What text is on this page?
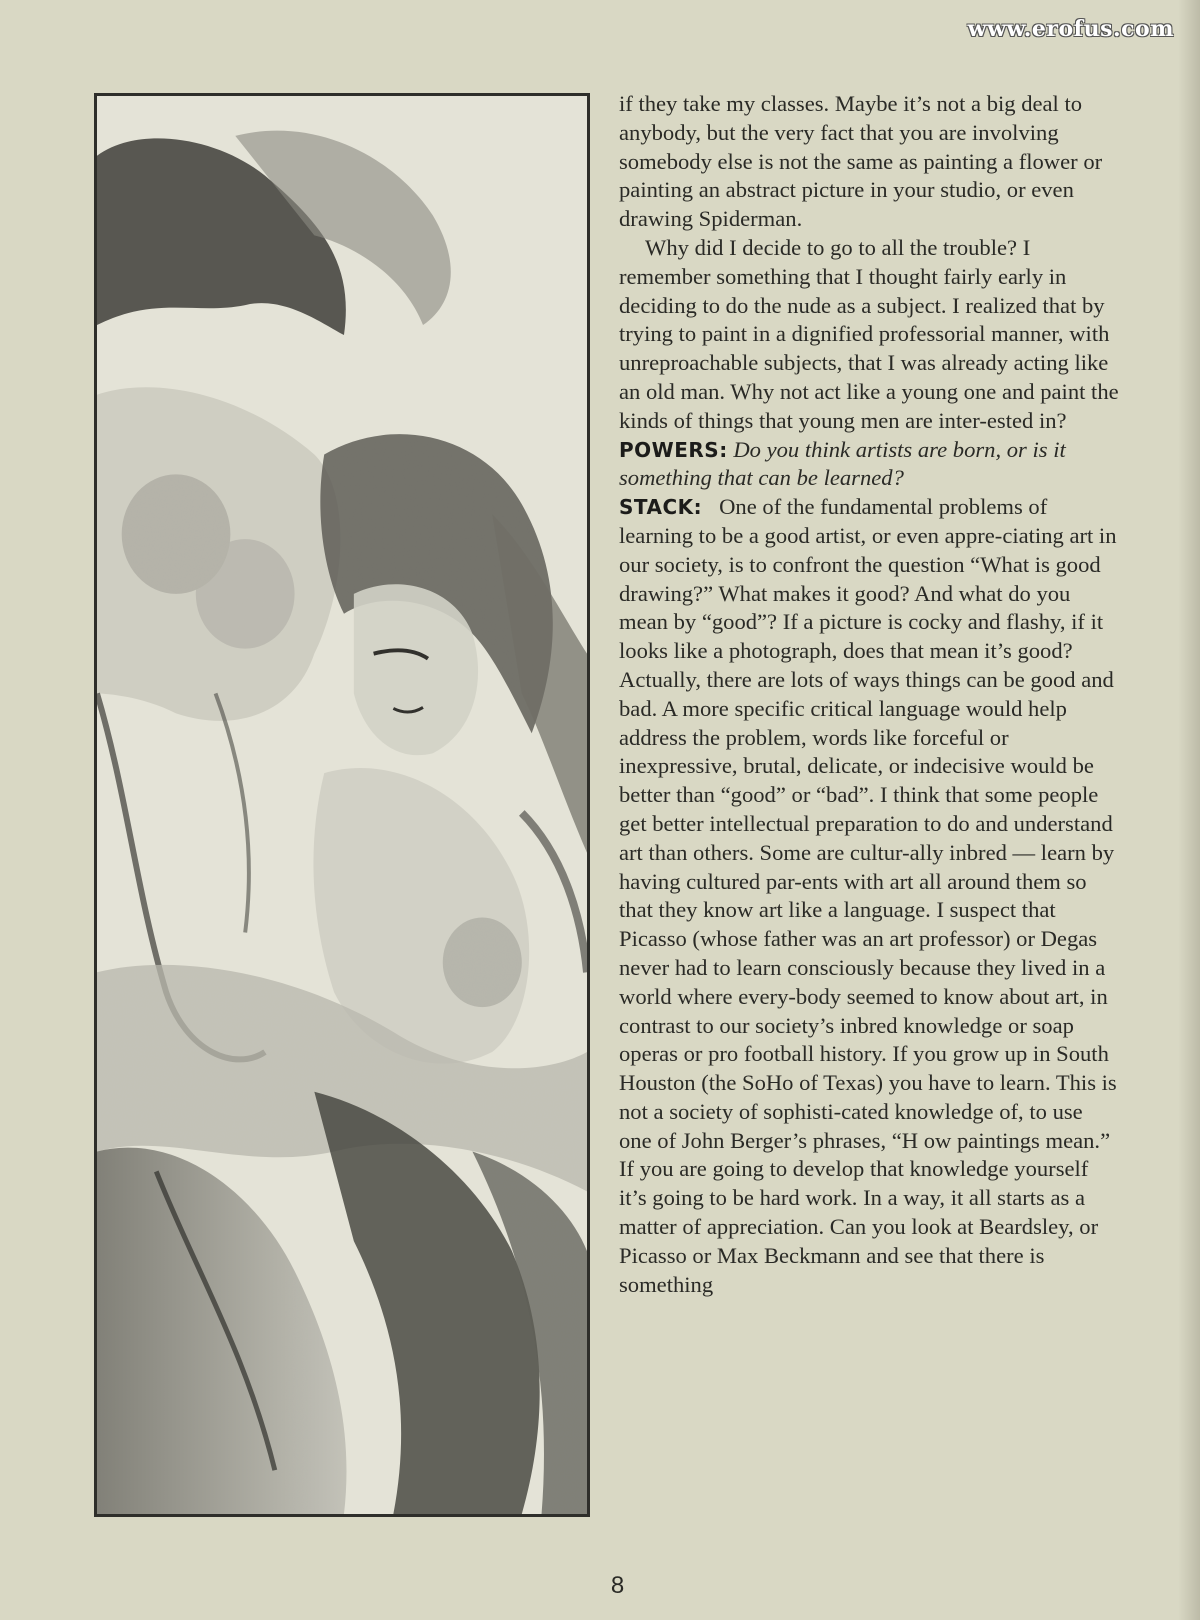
www.erofus.com

if they take my classes. Maybe it’s not a big deal to anybody, but the very fact that you are involving somebody else is not the same as painting a flower or painting an abstract picture in your studio, or even drawing Spiderman.

Why did I decide to go to all the trouble? I remember something that I thought fairly early in deciding to do the nude as a subject. I realized that by trying to paint in a dignified professorial manner, with unreproachable subjects, that I was already acting like an old man. Why not act like a young one and paint the kinds of things that young men are inter-ested in?

POWERS: Do you think artists are born, or is it something that can be learned?

STACK: One of the fundamental problems of learning to be a good artist, or even appre-ciating art in our society, is to confront the question “What is good drawing?” What makes it good? And what do you mean by “good”? If a picture is cocky and flashy, if it looks like a photograph, does that mean it’s good? Actually, there are lots of ways things can be good and bad. A more specific critical language would help address the problem, words like forceful or inexpressive, brutal, delicate, or indecisive would be better than “good” or “bad”. I think that some people get better intellectual preparation to do and understand art than others. Some are cultur-ally inbred — learn by having cultured par-ents with art all around them so that they know art like a language. I suspect that Picasso (whose father was an art professor) or Degas never had to learn consciously because they lived in a world where every-body seemed to know about art, in contrast to our society’s inbred knowledge or soap operas or pro football history. If you grow up in South Houston (the SoHo of Texas) you have to learn. This is not a society of sophisti-cated knowledge of, to use one of John Berger’s phrases, “H ow paintings mean.” If you are going to develop that knowledge yourself it’s going to be hard work. In a way, it all starts as a matter of appreciation. Can you look at Beardsley, or Picasso or Max Beckmann and see that there is something

8
